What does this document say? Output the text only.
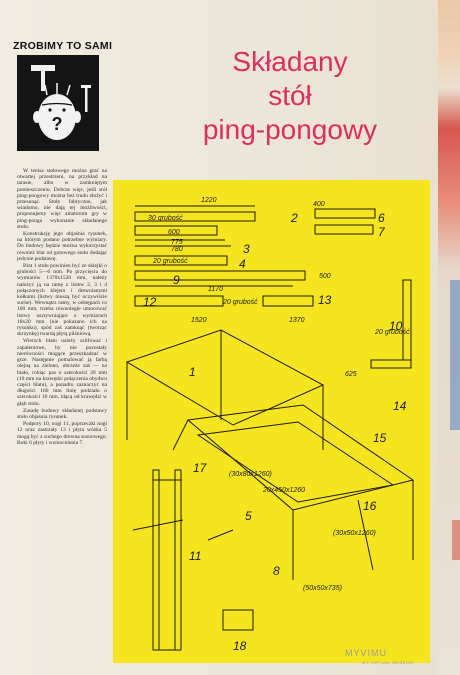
ZROBIMY TO SAMI
?
Składany
stół
ping-pongowy

W tenisa stołowego można grać na otwartej przestrzeni, na przykład na tarasie, albo w zamkniętym pomieszczeniu. Dobrze więc, jeśli stół ping-pongowy można bez trudu złożyć i przesunąć. Stoły fabryczne, jak wiadomo, nie dają tej możliwości, proponujemy więc amatorom gry w ping-ponga wykonanie składanego stołu.

Konstrukcję jego objaśnia rysunek, na którym podano potrzebne wymiary. Do budowy będzie można wykorzystać również blat od gotowego stołu dodając jedynie podstawę.

Blat 1 stołu powinien być ze sklejki o grubości 5—6 mm. Po przycięciu do wymiarów 1370x1520 mm, należy nałożyć ją na ramę z listew 2, 3 i 4 połączonych klejem i drewnianymi kołkami (listwy muszą być oczywiście suche). Wewnątrz ramy, w odstępach co 100 mm, trzeba równolegle umocować listwy usztywniające o wymiarach 18x20 mm (nie pokazano ich na rysunku), spód zaś zamknąć (tworząc skrzynkę) twardą płytą pilśniową.

Wierzch blatu należy szlifować i zapaleniowe, by nie pozostały nierówności mogące przeszkadzać w grze. Następnie pomalować ją farbą olejną na zielono, obrzeże zaś — na biało, robiąc pas o szerokości 20 mm (10 mm na krawędzi połączenia obydwu części blatu), a ponadto zaznaczyć na długości 160 mm linię podziału o szerokości 10 mm, idącą od krawędzi w głąb stołu.

Zasadę budowy składanej podstawy stołu objaśnia rysunek.

Podpory 10, nogi 11, poprzeczki nogi 12 oraz zastrzały 13 i płyta wózka 5 mogą być z suchego drewna sosnowego. Boki 6 płyty i wzmocnienia 7

1220
30 grubość
600
775
780
20 grubość
1170
500
20 grubość
1520	1370
400
20 grubość
625
(30x80x1260)
20x450x1260
(30x50x1260)
(50x50x735)
2
3
4
9
12	13
6
7
10
14
15
1
17
5
11
18
16
8
MYVIMU
MY VIRTUAL MUSEUM
